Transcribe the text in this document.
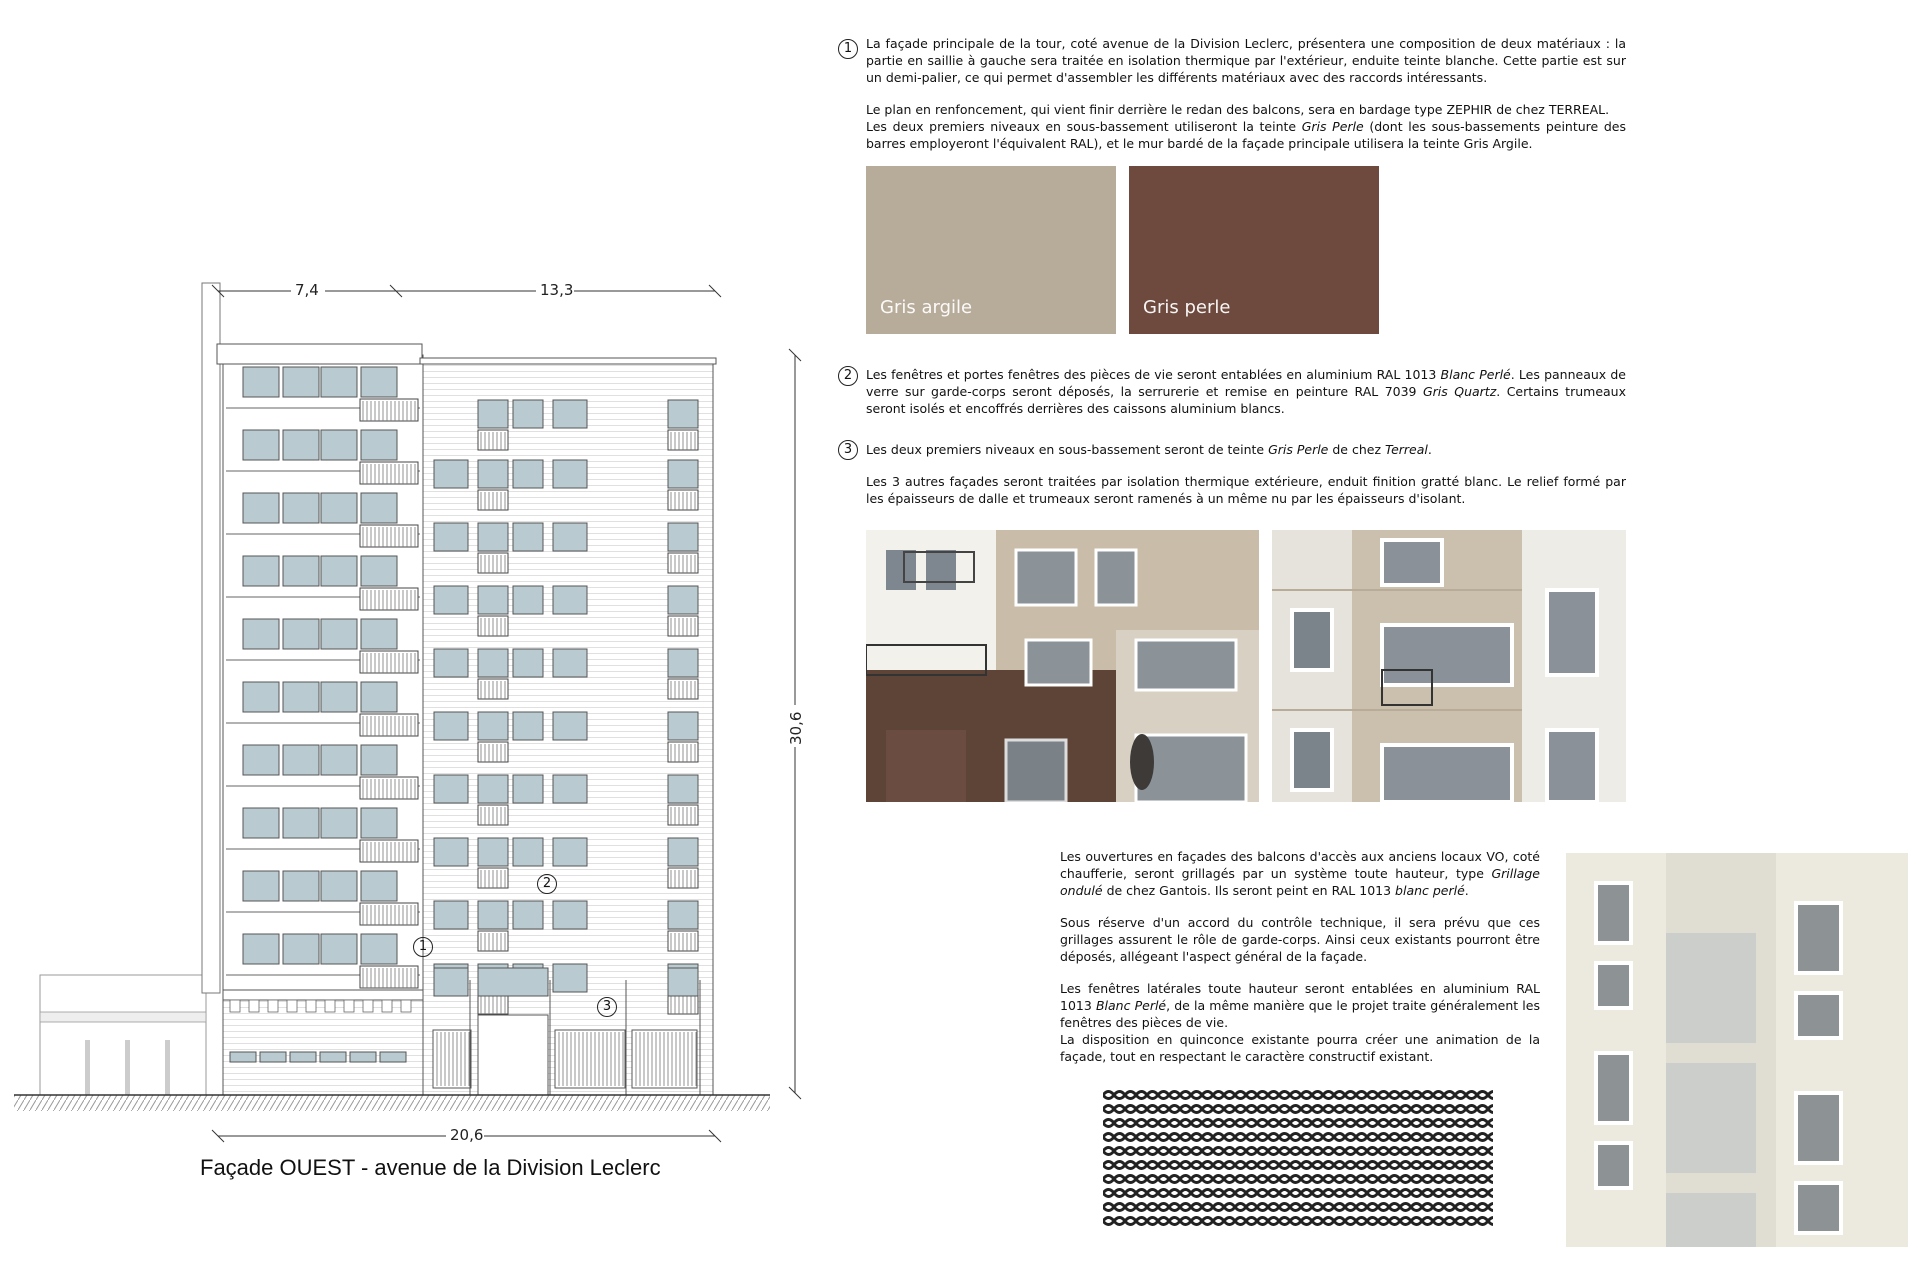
7,4	13,3
20,6
30,6
1
2
3
Façade OUEST - avenue de la Division Leclerc
1	La façade principale de la tour, coté avenue de la Division Leclerc, présentera une composition de deux matériaux : la partie en saillie à gauche sera traitée en isolation thermique par l'extérieur, enduite teinte blanche. Cette partie est sur un demi-palier, ce qui permet d'assembler les différents matériaux avec des raccords intéressants.

Le plan en renfoncement, qui vient finir derrière le redan des balcons, sera en bardage type ZEPHIR de chez TERREAL.
Les deux premiers niveaux en sous-bassement utiliseront la teinte Gris Perle (dont les sous-bassements peinture des barres employeront l'équivalent RAL), et le mur bardé de la façade principale utilisera la teinte Gris Argile.
Gris argile	Gris perle
2	Les fenêtres et portes fenêtres des pièces de vie seront entablées en aluminium RAL 1013 Blanc Perlé. Les panneaux de verre sur garde-corps seront déposés, la serrurerie et remise en peinture RAL 7039 Gris Quartz. Certains trumeaux seront isolés et encoffrés derrières des caissons aluminium blancs.
3	Les deux premiers niveaux en sous-bassement seront de teinte Gris Perle de chez Terreal.

Les 3 autres façades seront traitées par isolation thermique extérieure, enduit finition gratté blanc. Le relief formé par les épaisseurs de dalle et trumeaux seront ramenés à un même nu par les épaisseurs d'isolant.

Les ouvertures en façades des balcons d'accès aux anciens locaux VO, coté chaufferie, seront grillagés par un système toute hauteur, type Grillage ondulé de chez Gantois. Ils seront peint en RAL 1013 blanc perlé.

Sous réserve d'un accord du contrôle technique, il sera prévu que ces grillages assurent le rôle de garde-corps. Ainsi ceux existants pourront être déposés, allégeant l'aspect général de la façade.

Les fenêtres latérales toute hauteur seront entablées en aluminium RAL 1013 Blanc Perlé, de la même manière que le projet traite généralement les fenêtres des pièces de vie.
La disposition en quinconce existante pourra créer une animation de la façade, tout en respectant le caractère constructif existant.
